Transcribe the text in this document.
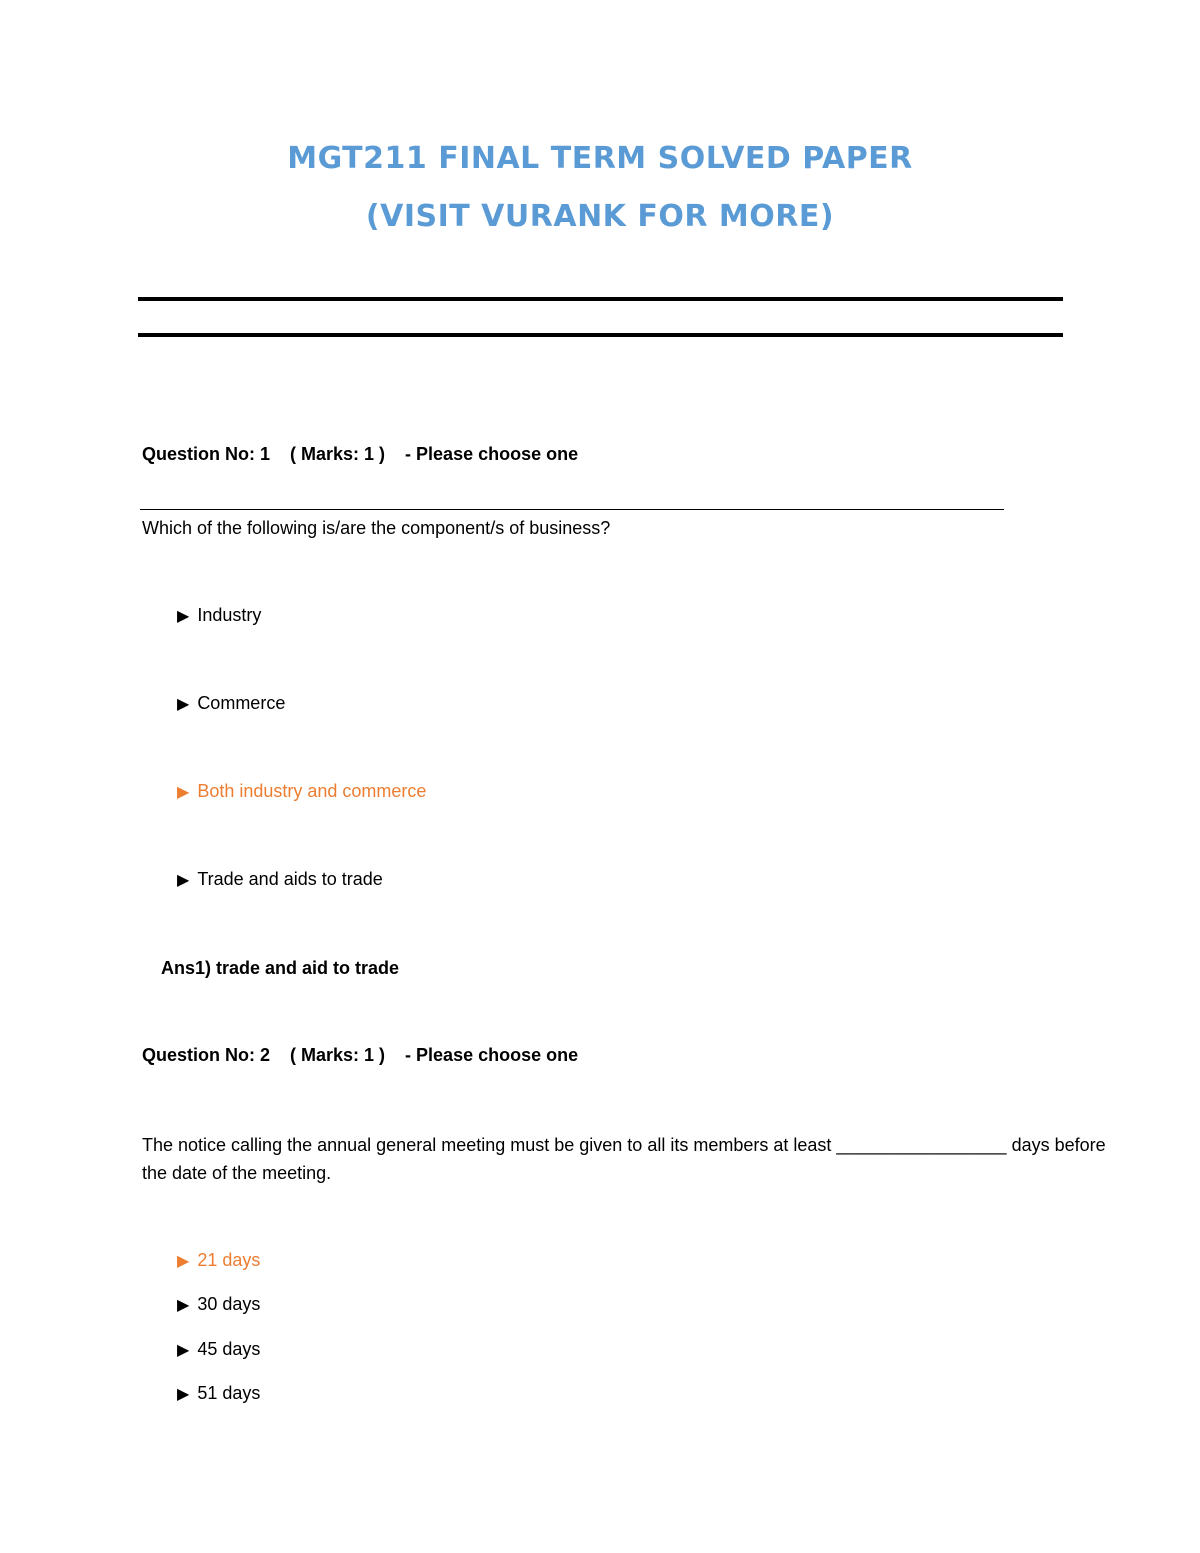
MGT211 FINAL TERM SOLVED PAPER
(VISIT VURANK FOR MORE)
Question No: 1    ( Marks: 1 )    - Please choose one
Which of the following is/are the component/s of business?
▶ Industry
▶ Commerce
▶ Both industry and commerce
▶ Trade and aids to trade
Ans1) trade and aid to trade
Question No: 2    ( Marks: 1 )    - Please choose one
The notice calling the annual general meeting must be given to all its members at least _________________ days before the date of the meeting.
▶ 21 days
▶ 30 days
▶ 45 days
▶ 51 days
